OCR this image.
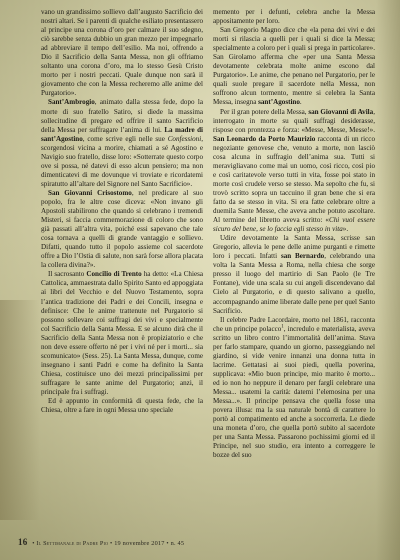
vano un grandissimo sollievo dall’augusto Sacrificio dei nostri altari. Se i parenti di qualche esiliato presentassero al principe una corona d’oro per calmare il suo sdegno, ciò sarebbe senza dubbio un gran mezzo per impegnarlo ad abbreviare il tempo dell’esilio. Ma noi, offrendo a Dio il Sacrificio della Santa Messa, non gli offriamo soltanto una corona d’oro, ma lo stesso Gesù Cristo morto per i nostri peccati. Quale dunque non sarà il giovamento che con la Messa recheremo alle anime del Purgatorio».

Sant’Ambrogio, animato dalla stessa fede, dopo la morte di suo fratello Satiro, si diede la massima sollecitudine di pregare ed offrire il santo Sacrificio della Messa per suffragare l’anima di lui. La madre di sant’Agostino, come scrive egli nelle sue Confessioni, scorgendosi vicina a morire, chiamati a sé Agostino e Navigio suo fratello, disse loro: «Sotterrate questo corpo ove si possa, né datevi di esso alcun pensiero; ma non dimenticatevi di me dovunque vi troviate e ricordatemi spiratutto all’altare del Signore nel Santo Sacrificio».

San Giovanni Crisostomo, nel predicare al suo popolo, fra le altre cose diceva: «Non invano gli Apostoli stabilirono che quando si celebrano i tremendi Misteri, si faccia commemorazione di coloro che sono già passati all’altra vita, poiché essi sapevano che tale cosa tornava a quelli di grande vantaggio e sollievo. Difatti, quando tutto il popolo assieme col sacerdote offre a Dio l’Ostia di salute, non sarà forse allora placata la collera divina?».

Il sacrosanto Concilio di Trento ha detto: «La Chiesa Cattolica, ammaestrata dallo Spirito Santo ed appoggiata ai libri del Vecchio e del Nuovo Testamento, sopra l’antica tradizione dei Padri e dei Concili, insegna e definisce: Che le anime trattenute nel Purgatorio si possono sollevare coi suffragi dei vivi e specialmente col Sacrificio della Santa Messa. E se alcuno dirà che il Sacrificio della Santa Messa non è propiziatorio e che non deve essere offerto né per i vivi né per i morti... sia scomunicato» (Sess. 25). La Santa Messa, dunque, come insegnano i santi Padri e come ha definito la Santa Chiesa, costituisce uno dei mezzi principalissimi per suffragare le sante anime del Purgatorio; anzi, il principale fra i suffragi.

Ed è appunto in conformità di questa fede, che la Chiesa, oltre a fare in ogni Messa uno speciale

memento per i defunti, celebra anche la Messa appositamente per loro.

San Gregorio Magno dice che «la pena dei vivi e dei morti si rilascia a quelli per i quali si dice la Messa; specialmente a coloro per i quali si prega in particolare». San Girolamo afferma che «per una Santa Messa devotamente celebrata molte anime escono dal Purgatorio». Le anime, che penano nel Purgatorio, per le quali suole pregare il sacerdote nella Messa, non soffrono alcun tormento, mentre si celebra la Santa Messa, insegna sant’Agostino.

Per il gran potere della Messa, san Giovanni di Avila, interrogato in morte su quali suffragi desiderasse, rispose con prontezza e forza: «Messe, Messe, Messe!». San Leonardo da Porto Maurizio racconta di un ricco negoziante genovese che, venuto a morte, non lasciò cosa alcuna in suffragio dell’anima sua. Tutti si meravigliavano come mai un uomo, così ricco, così pio e così caritatevole verso tutti in vita, fosse poi stato in morte così crudele verso se stesso. Ma sepolto che fu, si trovò scritto sopra un taccuino il gran bene che si era fatto da se stesso in vita. Si era fatte celebrare oltre a duemila Sante Messe, che aveva anche potuto ascoltare. Al termine del libretto aveva scritto: «Chi vuol essere sicuro del bene, se lo faccia egli stesso in vita».

Udire devotamente la Santa Messa, scrisse san Gregorio, alleviа le pene delle anime purganti e rimette loro i peccati. Infatti san Bernardo, celebrando una volta la Santa Messa a Roma, nella chiesa che sorge presso il luogo del martirio di San Paolo (le Tre Fontane), vide una scala su cui angeli discendevano dal Cielo al Purgatorio, e di questo salivano a quello, accompagnando anime liberate dalle pene per quel Santo Sacrificio.

Il celebre Padre Lacordaire, morto nel 1861, racconta che un principe polacco$^1$, incredulo e materialista, aveva scritto un libro contro l’immortalità dell’anima. Stava per farlo stampare, quando un giorno, passeggiando nel giardino, si vide venire innanzi una donna tutta in lacrime. Gettatasi ai suoi piedi, quella poverina, supplicava: «Mio buon principe, mio marito è morto... ed io non ho neppure il denaro per farglì celebrare una Messa... usatemi la carità: datemi l’elemosina per una Messa...». Il principe pensava che quella fosse una povera illusa: ma la sua naturale bontà di carattere lo portò al compatimento ed anche a soccorrerla. Le diede una moneta d’oro, che quella portò subito al sacerdote per una Santa Messa. Passarono pochissimi giorni ed il Principe, nel suo studio, era intento a correggere le bozze del suo

16 • Il Settimanale di Padre Pio • 19 novembre 2017 • n. 45
